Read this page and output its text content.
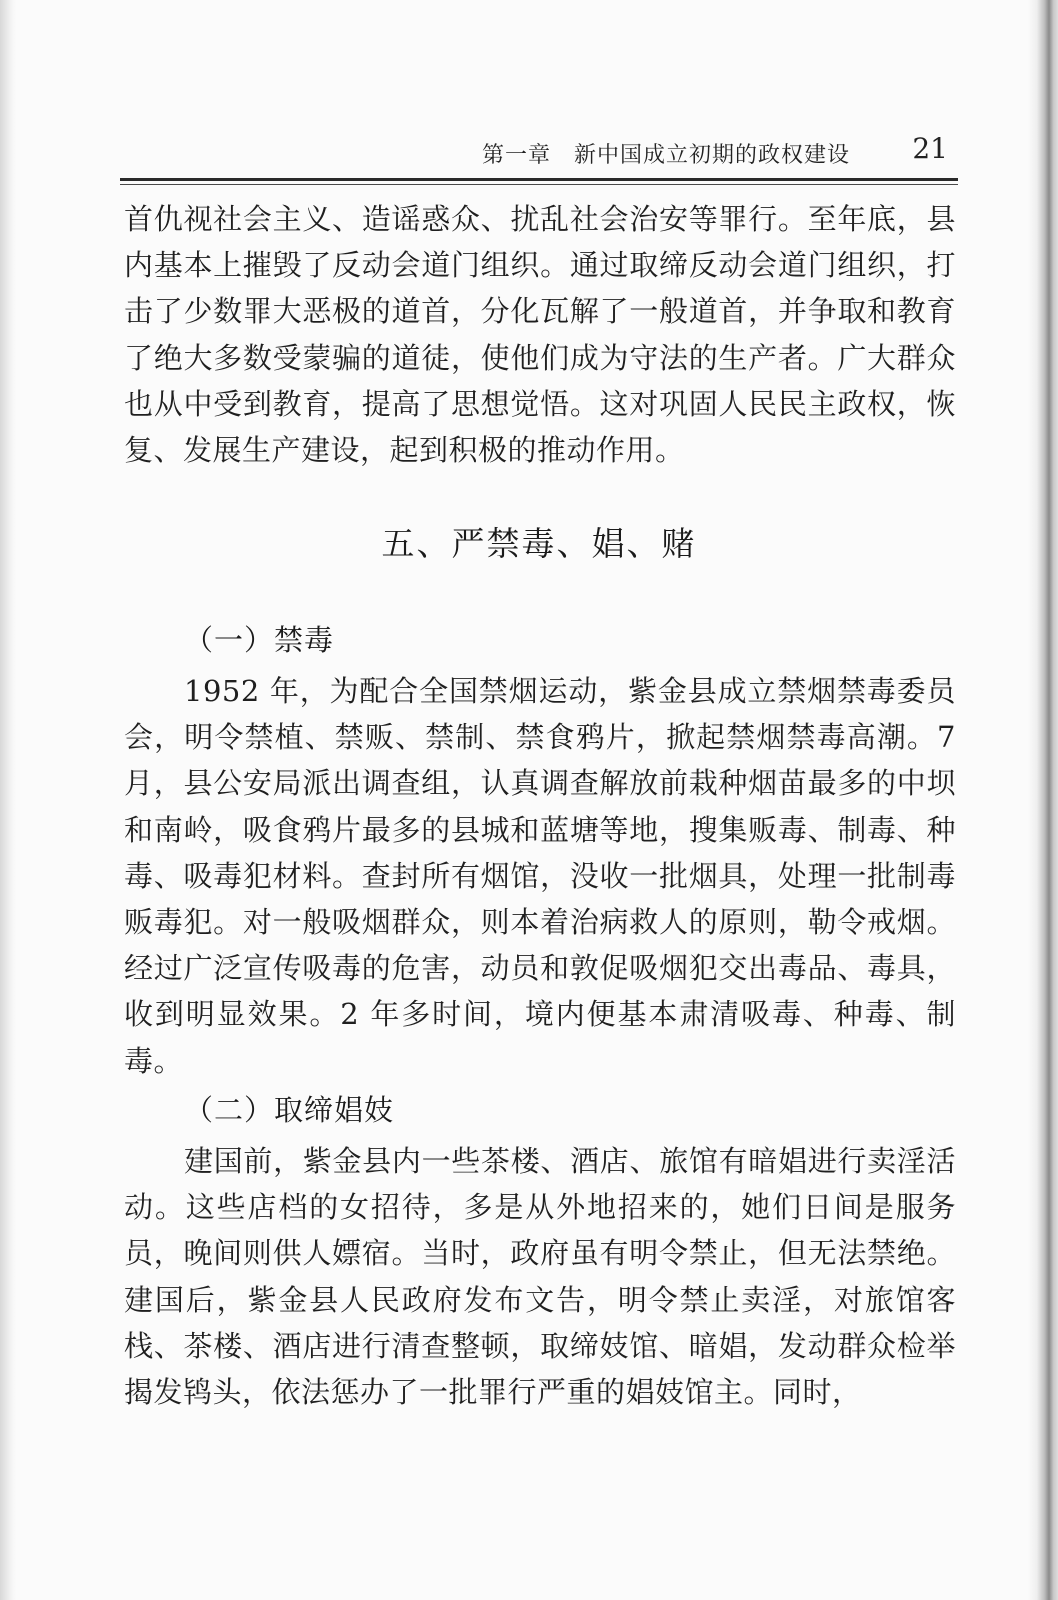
第一章　新中国成立初期的政权建设 21
首仇视社会主义、造谣惑众、扰乱社会治安等罪行。至年底，县内基本上摧毁了反动会道门组织。通过取缔反动会道门组织，打击了少数罪大恶极的道首，分化瓦解了一般道首，并争取和教育了绝大多数受蒙骗的道徒，使他们成为守法的生产者。广大群众也从中受到教育，提高了思想觉悟。这对巩固人民民主政权，恢复、发展生产建设，起到积极的推动作用。
五、严禁毒、娼、赌
（一）禁毒
1952 年，为配合全国禁烟运动，紫金县成立禁烟禁毒委员会，明令禁植、禁贩、禁制、禁食鸦片，掀起禁烟禁毒高潮。7 月，县公安局派出调查组，认真调查解放前栽种烟苗最多的中坝和南岭，吸食鸦片最多的县城和蓝塘等地，搜集贩毒、制毒、种毒、吸毒犯材料。查封所有烟馆，没收一批烟具，处理一批制毒贩毒犯。对一般吸烟群众，则本着治病救人的原则，勒令戒烟。经过广泛宣传吸毒的危害，动员和敦促吸烟犯交出毒品、毒具，收到明显效果。2 年多时间，境内便基本肃清吸毒、种毒、制毒。
（二）取缔娼妓
建国前，紫金县内一些茶楼、酒店、旅馆有暗娼进行卖淫活动。这些店档的女招待，多是从外地招来的，她们日间是服务员，晚间则供人嫖宿。当时，政府虽有明令禁止，但无法禁绝。建国后，紫金县人民政府发布文告，明令禁止卖淫，对旅馆客栈、茶楼、酒店进行清查整顿，取缔妓馆、暗娼，发动群众检举揭发鸨头，依法惩办了一批罪行严重的娼妓馆主。同时，
